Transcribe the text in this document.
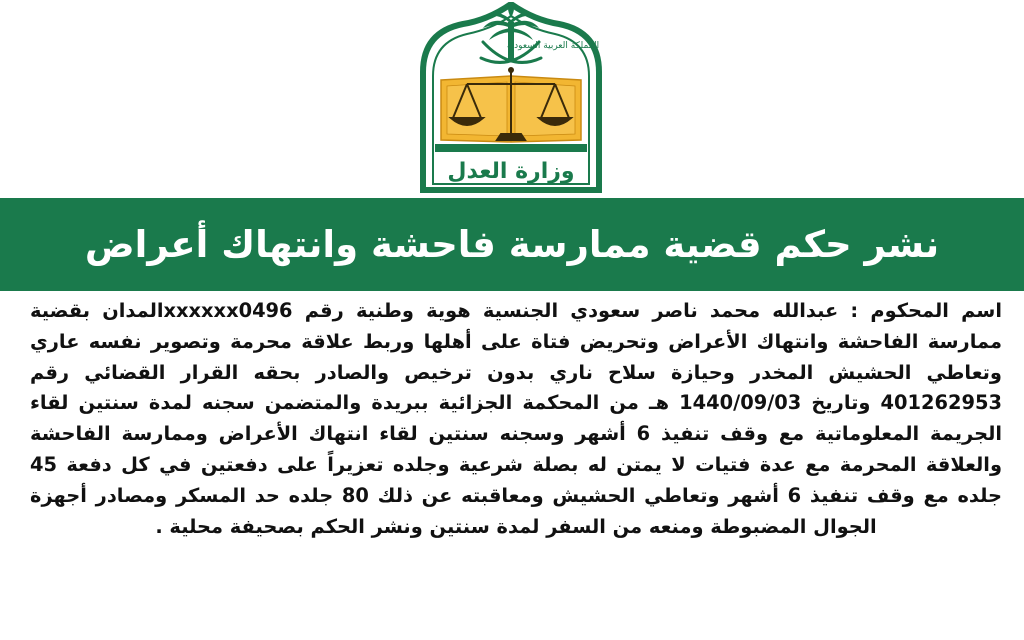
المملكة العربية السعودية
وزارة العدل
نشر حكم قضية ممارسة فاحشة وانتهاك أعراض
اسم المحكوم : عبدالله محمد ناصر سعودي الجنسية هوية وطنية رقم xxxxxx0496المدان بقضية ممارسة الفاحشة وانتهاك الأعراض وتحريض فتاة على أهلها وربط علاقة محرمة وتصوير نفسه عاري وتعاطي الحشيش المخدر وحيازة سلاح ناري بدون ترخيص والصادر بحقه القرار القضائي رقم 401262953 وتاريخ 1440/09/03 هـ من المحكمة الجزائية ببريدة والمتضمن سجنه لمدة سنتين لقاء الجريمة المعلوماتية مع وقف تنفيذ 6 أشهر وسجنه سنتين لقاء انتهاك الأعراض وممارسة الفاحشة والعلاقة المحرمة مع عدة فتيات لا يمتن له بصلة شرعية وجلده تعزيراً على دفعتين في كل دفعة 45 جلده مع وقف تنفيذ 6 أشهر وتعاطي الحشيش ومعاقبته عن ذلك 80 جلده حد المسكر ومصادر أجهزة الجوال المضبوطة ومنعه من السفر لمدة سنتين ونشر الحكم بصحيفة محلية .
